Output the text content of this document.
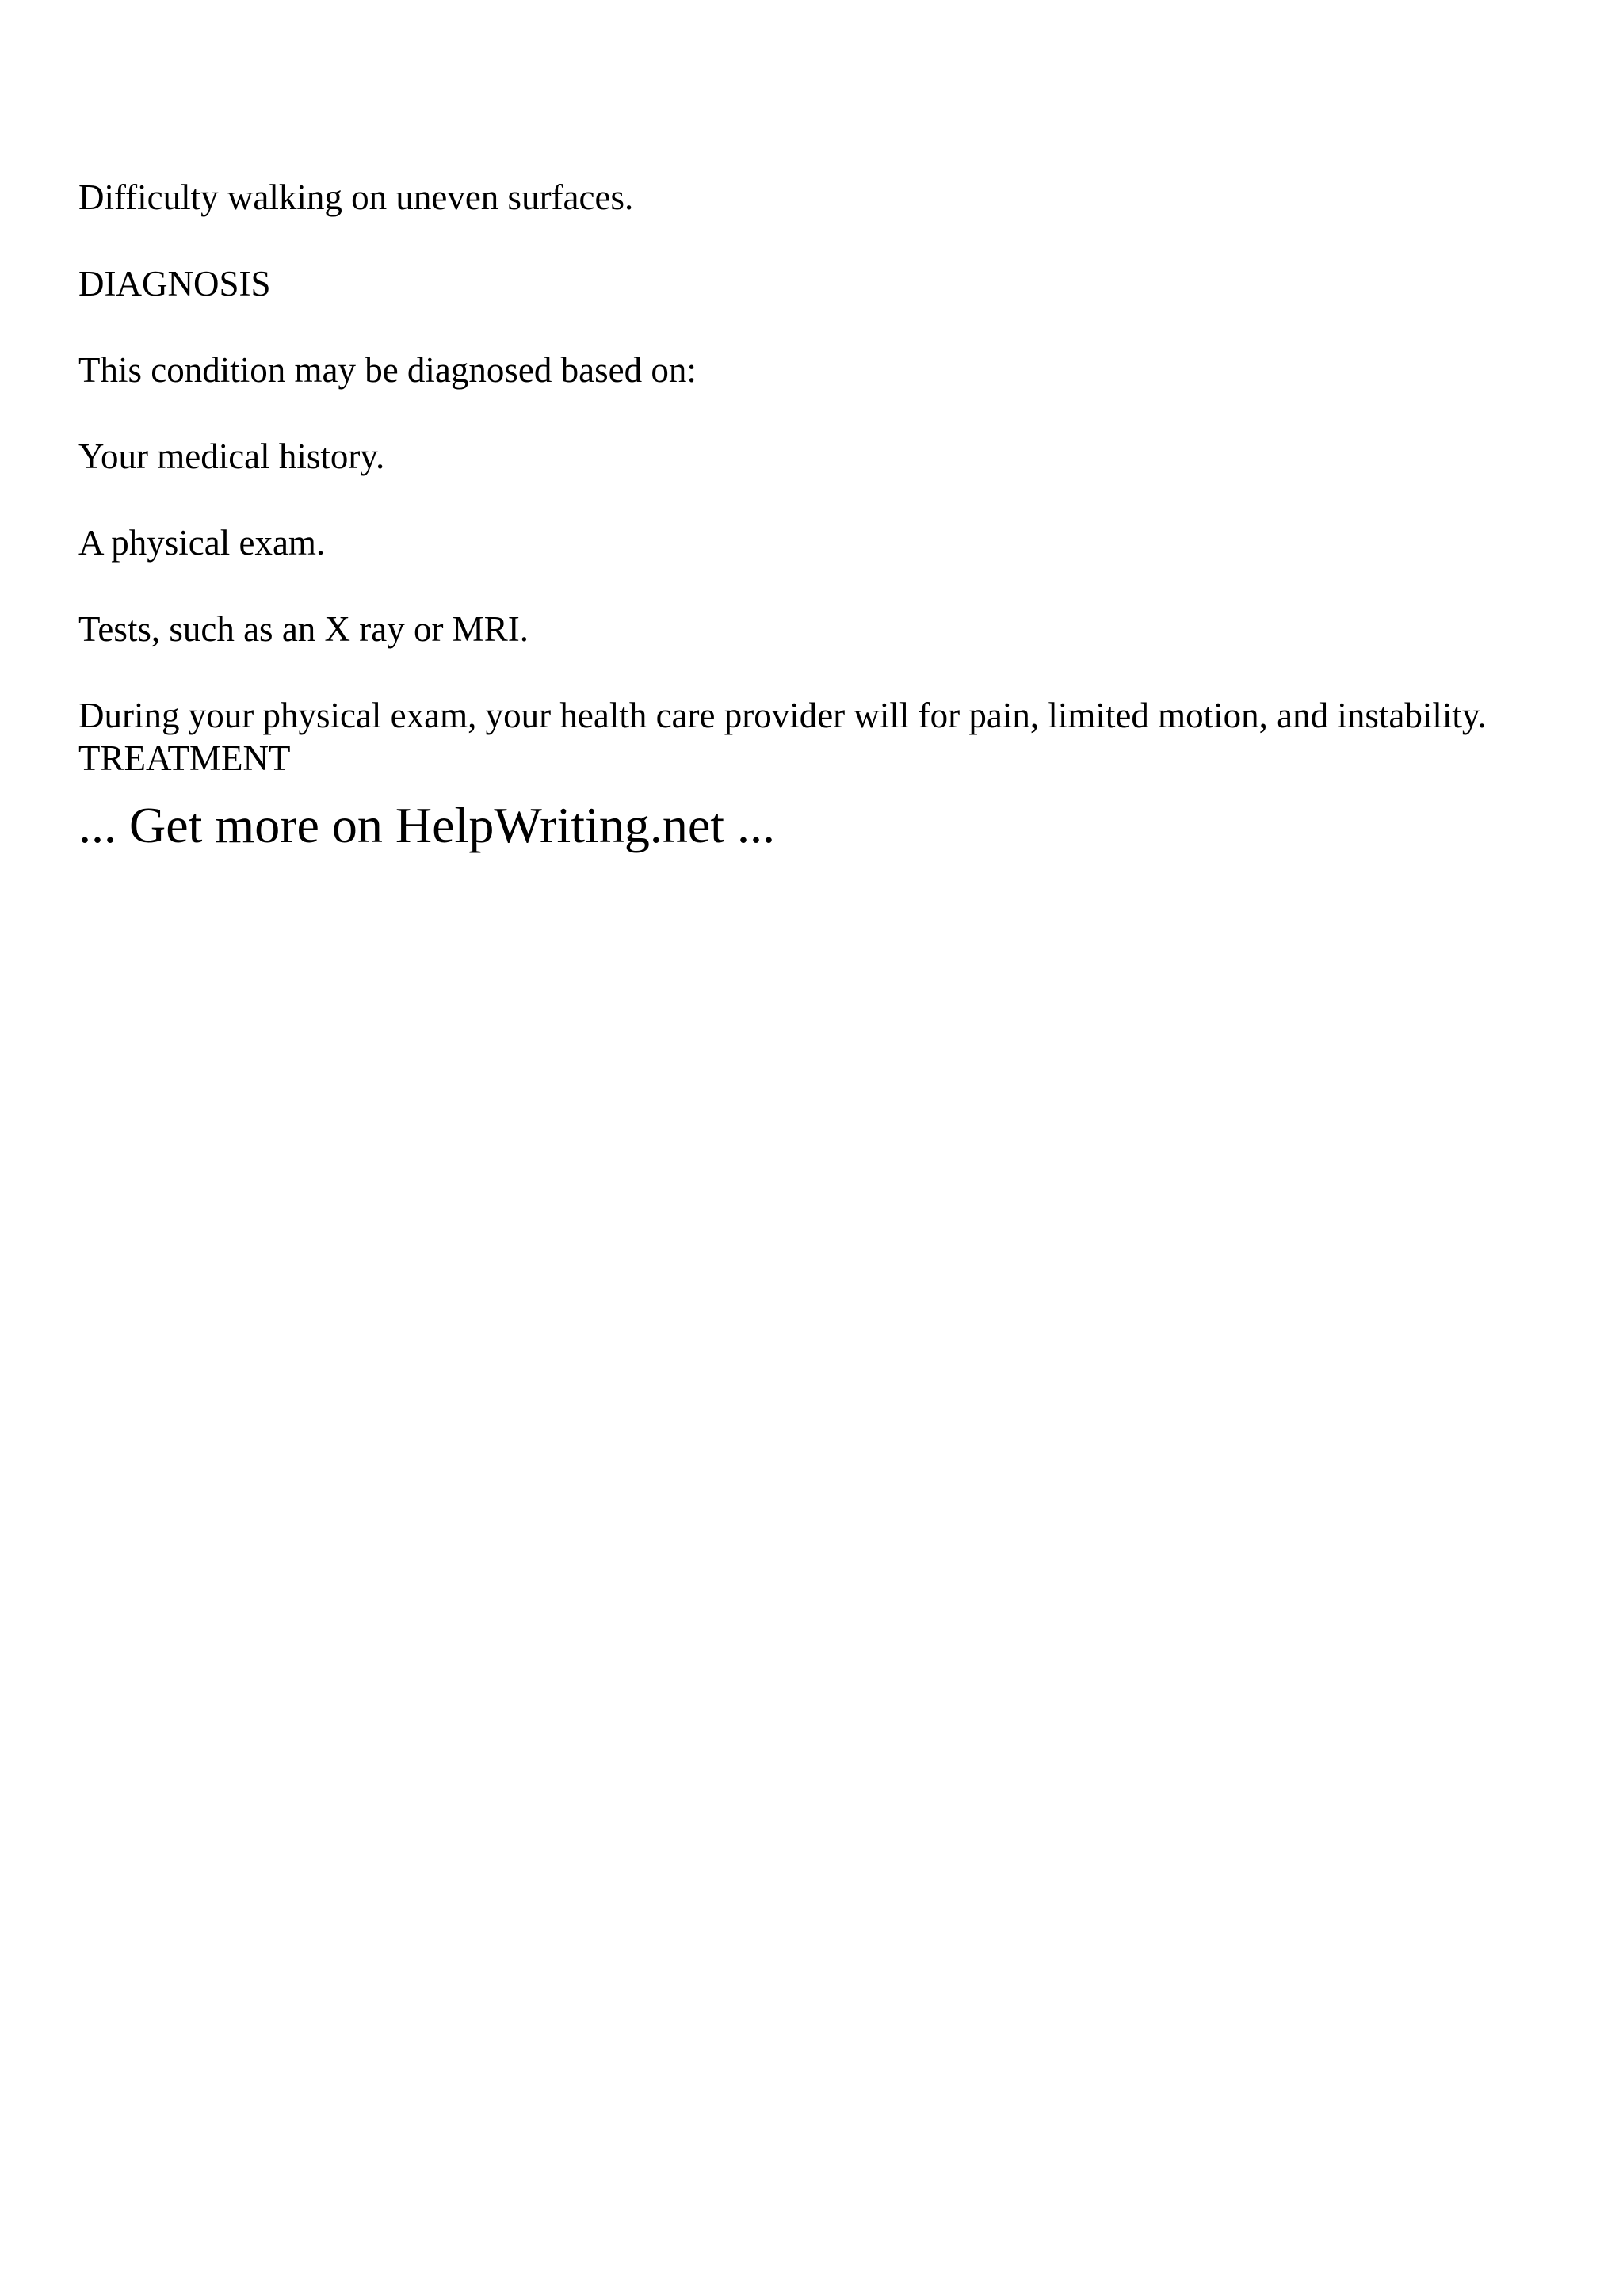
Difficulty walking on uneven surfaces.

DIAGNOSIS

This condition may be diagnosed based on:

Your medical history.

A physical exam.

Tests, such as an X ray or MRI.

During your physical exam, your health care provider will for pain, limited motion, and instability.

TREATMENT

... Get more on HelpWriting.net ...
